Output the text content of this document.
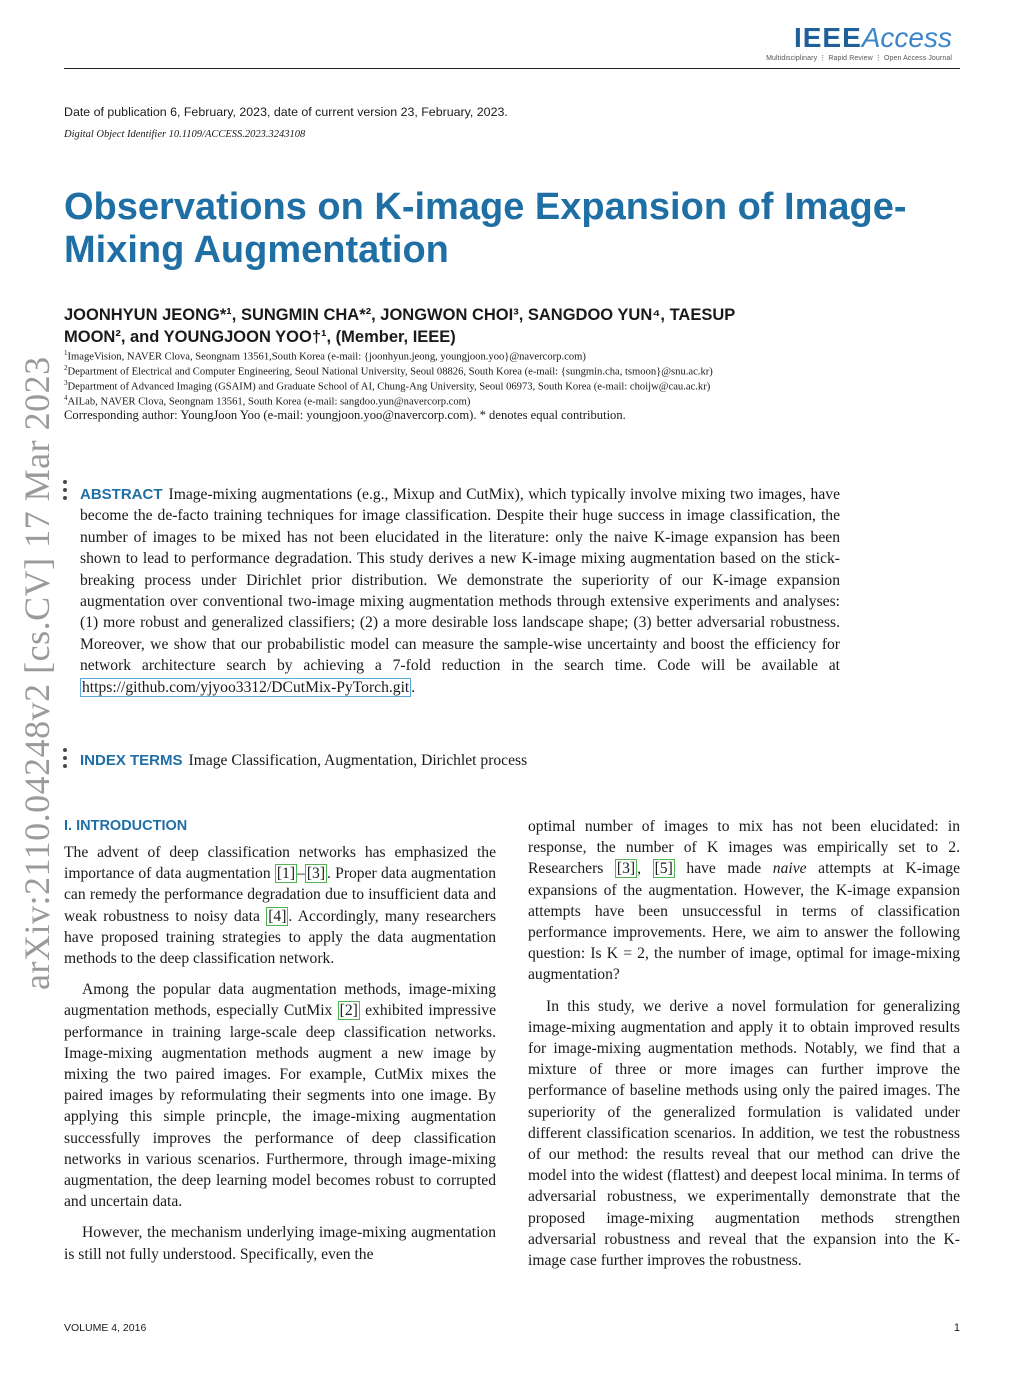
IEEEAccess
Multidisciplinary ⋮ Rapid Review ⋮ Open Access Journal
Date of publication 6, February, 2023, date of current version 23, February, 2023.
Digital Object Identifier 10.1109/ACCESS.2023.3243108
Observations on K-image Expansion of Image-Mixing Augmentation
JOONHYUN JEONG*¹, SUNGMIN CHA*², JONGWON CHOI³, SANGDOO YUN⁴, TAESUP
MOON², and YOUNGJOON YOO†¹, (Member, IEEE)
$^1$ImageVision, NAVER Clova, Seongnam 13561,South Korea (e-mail: {joonhyun.jeong, youngjoon.yoo}@navercorp.com)
$^2$Department of Electrical and Computer Engineering, Seoul National University, Seoul 08826, South Korea (e-mail: {sungmin.cha, tsmoon}@snu.ac.kr)
$^3$Department of Advanced Imaging (GSAIM) and Graduate School of AI, Chung-Ang University, Seoul 06973, South Korea (e-mail: choijw@cau.ac.kr)
$^4$AILab, NAVER Clova, Seongnam 13561, South Korea (e-mail: sangdoo.yun@navercorp.com)
Corresponding author: YoungJoon Yoo (e-mail: youngjoon.yoo@navercorp.com). * denotes equal contribution.
arXiv:2110.04248v2 [cs.CV] 17 Mar 2023 ABSTRACT Image-mixing augmentations (e.g., Mixup and CutMix), which typically involve mixing two images, have become the de-facto training techniques for image classification. Despite their huge success in image classification, the number of images to be mixed has not been elucidated in the literature: only the naive K-image expansion has been shown to lead to performance degradation. This study derives a new K-image mixing augmentation based on the stick-breaking process under Dirichlet prior distribution. We demonstrate the superiority of our K-image expansion augmentation over conventional two-image mixing augmentation methods through extensive experiments and analyses: (1) more robust and generalized classifiers; (2) a more desirable loss landscape shape; (3) better adversarial robustness. Moreover, we show that our probabilistic model can measure the sample-wise uncertainty and boost the efficiency for network architecture search by achieving a 7-fold reduction in the search time. Code will be available at https://github.com/yjyoo3312/DCutMix-PyTorch.git .
INDEX TERMS Image Classification, Augmentation, Dirichlet process
I. INTRODUCTION

The advent of deep classification networks has emphasized the importance of data augmentation [1] – [3] . Proper data augmentation can remedy the performance degradation due to insufficient data and weak robustness to noisy data [4] . Accordingly, many researchers have proposed training strategies to apply the data augmentation methods to the deep classification network.

Among the popular data augmentation methods, image-mixing augmentation methods, especially CutMix [2] exhibited impressive performance in training large-scale deep classification networks. Image-mixing augmentation methods augment a new image by mixing the two paired images. For example, CutMix mixes the paired images by reformulating their segments into one image. By applying this simple princple, the image-mixing augmentation successfully improves the performance of deep classification networks in various scenarios. Furthermore, through image-mixing augmentation, the deep learning model becomes robust to corrupted and uncertain data.

However, the mechanism underlying image-mixing augmentation is still not fully understood. Specifically, even the

optimal number of images to mix has not been elucidated: in response, the number of K images was empirically set to 2. Researchers [3] , [5] have made naive attempts at K-image expansions of the augmentation. However, the K-image expansion attempts have been unsuccessful in terms of classification performance improvements. Here, we aim to answer the following question: Is K = 2, the number of image, optimal for image-mixing augmentation?

In this study, we derive a novel formulation for generalizing image-mixing augmentation and apply it to obtain improved results for image-mixing augmentation methods. Notably, we find that a mixture of three or more images can further improve the performance of baseline methods using only the paired images. The superiority of the generalized formulation is validated under different classification scenarios. In addition, we test the robustness of our method: the results reveal that our method can drive the model into the widest (flattest) and deepest local minima. In terms of adversarial robustness, we experimentally demonstrate that the proposed image-mixing augmentation methods strengthen adversarial robustness and reveal that the expansion into the K-image case further improves the robustness.

VOLUME 4, 2016	1
